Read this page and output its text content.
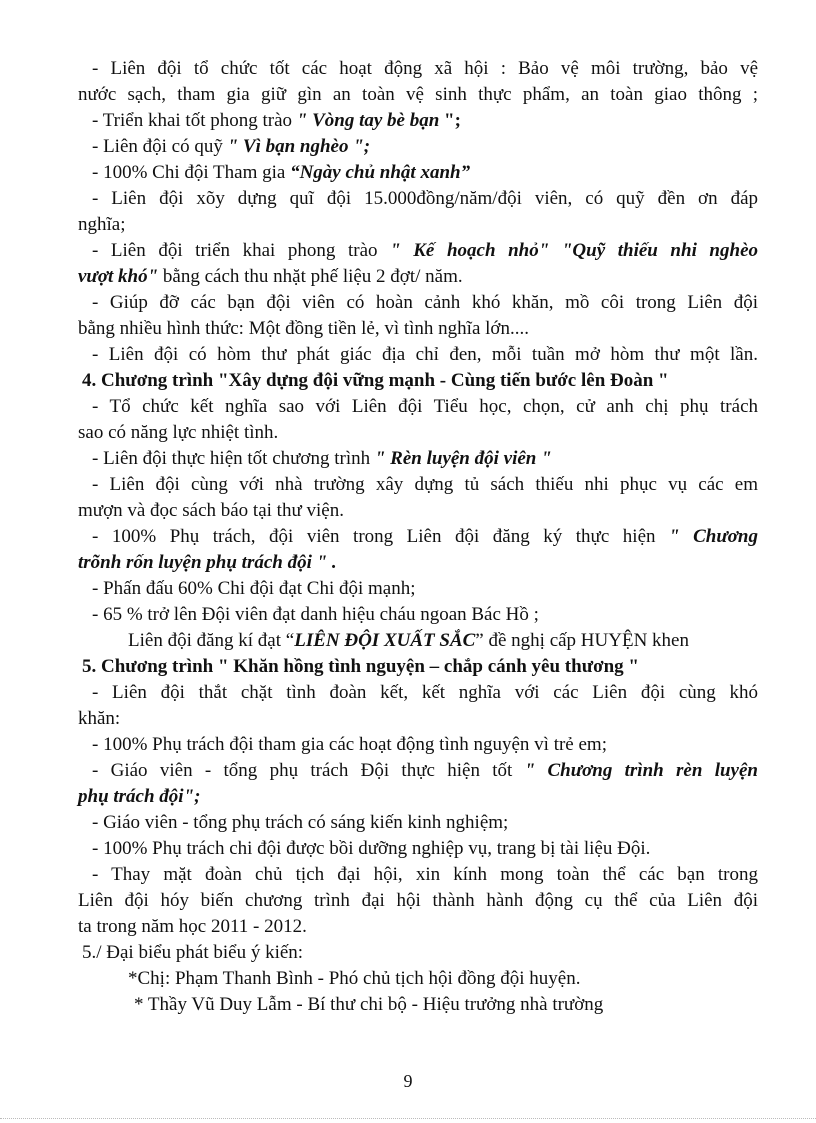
- Liên đội tổ chức tốt các hoạt động xã hội : Bảo vệ môi trường, bảo vệ
nước sạch, tham gia giữ gìn an toàn vệ sinh thực phẩm, an toàn giao thông ;
- Triển khai tốt phong trào " Vòng tay bè bạn ";
- Liên đội có quỹ " Vì bạn nghèo ";
- 100% Chi đội Tham gia “Ngày chủ nhật xanh”
- Liên đội xõy dựng quĩ đội 15.000đồng/năm/đội viên, có quỹ đền ơn đáp
nghĩa;
- Liên đội triển khai phong trào " Kế hoạch nhỏ" "Quỹ thiếu nhi nghèo
vượt khó" bằng cách thu nhặt phế liệu 2 đợt/ năm.
- Giúp đỡ các bạn đội viên có hoàn cảnh khó khăn, mồ côi trong Liên đội
bằng nhiều hình thức: Một đồng tiền lẻ, vì tình nghĩa lớn....
- Liên đội có hòm thư phát giác địa chỉ đen, mỗi tuần mở hòm thư một lần.
4. Chương trình "Xây dựng đội vững mạnh - Cùng tiến bước lên Đoàn "
- Tổ chức kết nghĩa sao với Liên đội Tiểu học, chọn, cử anh chị phụ trách
sao có năng lực nhiệt tình.
- Liên đội thực hiện tốt chương trình " Rèn luyện đội viên "
- Liên đội cùng với nhà trường xây dựng tủ sách thiếu nhi phục vụ các em
mượn và đọc sách báo tại thư viện.
- 100% Phụ trách, đội viên trong Liên đội đăng ký thực hiện " Chương
trõnh rốn luyện phụ trách đội " .
- Phấn đấu 60% Chi đội đạt Chi đội mạnh;
- 65 % trở lên Đội viên đạt danh hiệu cháu ngoan Bác Hồ ;
Liên đội đăng kí đạt “LIÊN ĐỘI XUẤT SẮC” đề nghị cấp HUYỆN khen
5. Chương trình " Khăn hồng tình nguyện – chắp cánh yêu thương "
- Liên đội thắt chặt tình đoàn kết, kết nghĩa với các Liên đội cùng khó
khăn:
- 100% Phụ trách đội tham gia các hoạt động tình nguyện vì trẻ em;
- Giáo viên - tổng phụ trách Đội thực hiện tốt " Chương trình rèn luyện
phụ trách đội";
- Giáo viên - tổng phụ trách có sáng kiến kinh nghiệm;
- 100% Phụ trách chi đội được bồi dưỡng nghiệp vụ, trang bị tài liệu Đội.
- Thay mặt đoàn chủ tịch đại hội, xin kính mong toàn thể các bạn trong
Liên đội hóy biến chương trình đại hội thành hành động cụ thể của Liên đội
ta trong năm học 2011 - 2012.
5./ Đại biểu phát biểu ý kiến:
*Chị: Phạm Thanh Bình - Phó chủ tịch hội đồng đội huyện.
* Thầy Vũ Duy Lẫm - Bí thư chi bộ - Hiệu trưởng nhà trường
9
